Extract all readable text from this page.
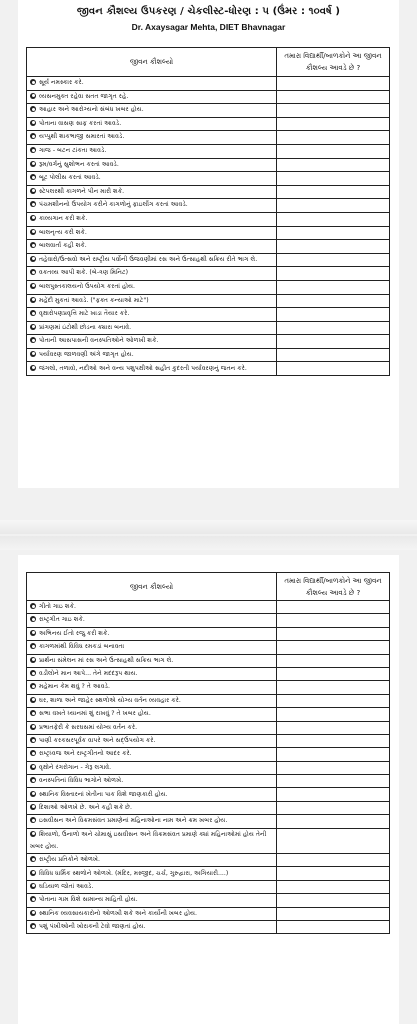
જીવન કૌશલ્ય ઉપકરણ / ચેકલીસ્ટ-ધોરણ : ૫ (ઉંમર : ૧૦વર્ષ )
Dr. Axaysagar Mehta, DIET Bhavnagar
જીવન કૌશલ્યો	તમારા વિદ્યાર્થી/બાળકોને આ જીવન કૌશલ્ય આવડે છે ?
સૂર્ય નમસ્કાર કરે.	
વ્યસનમુક્ત રહેવા સતત જાગૃત રહે.	
આહાર અને આરોગ્યનો સંબંધ ખબર હોય.	
પોતાના વાસણ સાફ કરતાં આવડે.	
યપ્પુથી શાકભાજી સમારતાં આવડે.	
ગાજ - બટન ટાંકતા આવડે.	
રૂમ/વર્ગનું સુશોભન કરતાં આવડે.	
બૂટ પોલીસ કરતાં આવડે.	
સ્ટેપલરથી કાગળને પીન મારી શકે.	
પંચમશીનનો ઉપયોગ કરીને કાગળોનું ફાઇલીંગ કરતાં આવડે.	
કાવ્યગાન કરી શકે.	
બાલનૃત્ય કરી શકે.	
બાલવાર્તા કહી શકે.	
તહેવારો/ઉત્સવો અને રાષ્ટ્રીય પર્વોની ઉજવણીમાં રસ અને ઉત્સાહથી સક્રિય રીતે ભાગ લે.	
વકતવ્ય આપી શકે. (બે-ત્રણ મિનિટ)	
બાલપુસ્તકાલયનો ઉપયોગ કરતાં હોય.	
મહેંદી મુકતાં આવડે. ("ફક્ત કન્યાઓ માટે")	
વૃક્ષારોપણપ્રવૃત્તિ માટે ખાડા તૈયાર કરે.	
પ્રાંગણમાં ઇંટોથી છોડના ક્યારા બનાવે.	
પોતાની આસપાસની વનસ્પતિઓને ઓળખી શકે.	
પર્યાવરણ જાળવણી અંગે જાગૃત હોય.	
જંગલો, તળાવો, નદીઓ અને વન્ય પશુપક્ષીઓ સહીત કુદરતી પર્યાવરણનું જતન કરે.	
જીવન કૌશલ્યો	તમારા વિદ્યાર્થી/બાળકોને આ જીવન કૌશલ્ય આવડે છે ?
ગીતો ગાઇ શકે.	
રાષ્ટ્રગીત ગાઇ શકે.	
અભિનય ઈતો રજુ કરી શકે.	
કાગળમાંથી વિવિધ રમકડાં બનાવતા	
પ્રાર્થના સંમેલન માં રસ અને ઉત્સાહથી સક્રિય ભાગ લે.	
વડીલોને માન આપે... તેને મદદરૂપ થાય.	
મહેમાન કેમ થવું ? તે આવડે.	
ઘર, શાળા અને જાહેર સ્થળોએ યોગ્ય વર્તન વ્યવહાર કરે.	
સભા વખતે ધ્યાનમાં શું રાખવું ? તે ખબર હોય.	
પ્રભાતફેરી કે સરઘસમાં યોગ્ય વર્તન કરે.	
પાણી કરકસરપૂર્વક વાપરે અને સદ્ઉપયોગ કરે.	
રાષ્ટ્રધ્વજ અને રાષ્ટ્રગીતનો આદર કરે.	
વૃક્ષોને રંગરોગાન - ગેરૂ લગાવે.	
વનસ્પતિનાં વિવિધ ભાગોને ઓળખે.	
સ્થાનિક વિસ્તારનાં ખેતીના પાક વિશે જાણકારી હોય.	
દિશાઓ ઓળખે છે. અને કહી શકે છે.	
ઇસવીસન અને વિક્રમસંવત પ્રમાણેનાં મહિનાઓના નામ અને ક્રમ ખબર હોય.	
શિયાળો, ઉનાળો અને ચોમાસું ઇસવીસન અને વિક્રમસંવત પ્રમાણે ક્યાં મહિનાઓમાં હોય તેની ખબર હોય.	
રાષ્ટ્રીય પ્રતિકોને ઓળખે.	
વિવિધ ધાર્મિક સ્થળોને ઓળખે. (મંદિર, મસ્જીદ, ચર્ચ, ગુરુદ્વારા, અગિયારી....)	
ઘડિયાળ જોતાં આવડે.	
પોતાના ગામ વિશે સામાન્ય માહિતી હોય.	
સ્થાનિક વ્યવસાયકારોનો ઓળખી શકે અને કાર્યોની ખબર હોય.	
પશું પંખીઓની ખોરાકની ટેવો જાણતાં હોય.	
